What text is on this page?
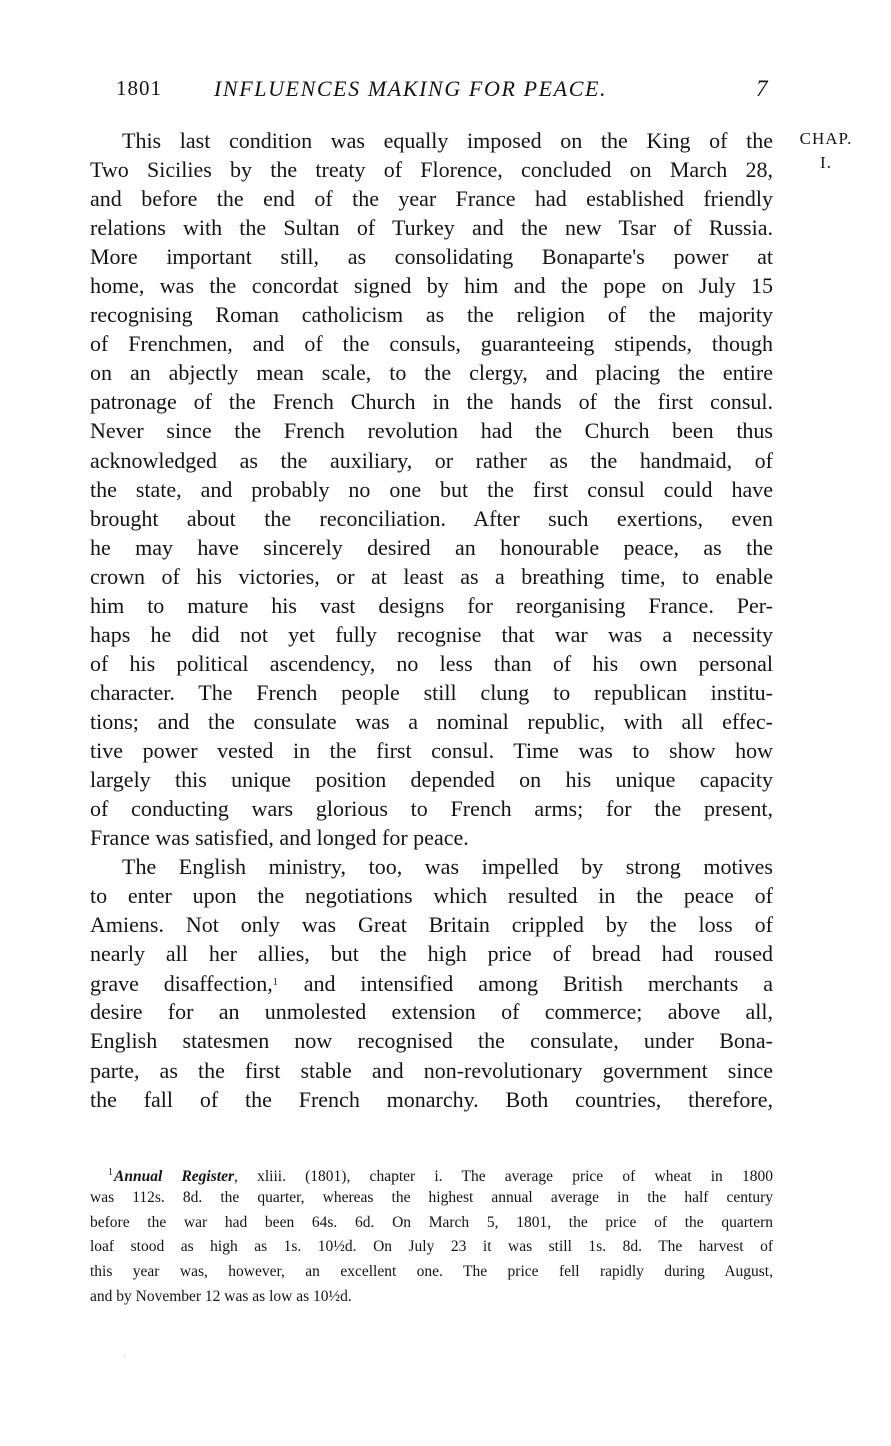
1801 INFLUENCES MAKING FOR PEACE.	7
CHAP.
I.
This last condition was equally imposed on the King of the
Two Sicilies by the treaty of Florence, concluded on March 28,
and before the end of the year France had established friendly
relations with the Sultan of Turkey and the new Tsar of Russia.
More important still, as consolidating Bonaparte's power at
home, was the concordat signed by him and the pope on July 15
recognising Roman catholicism as the religion of the majority
of Frenchmen, and of the consuls, guaranteeing stipends, though
on an abjectly mean scale, to the clergy, and placing the entire
patronage of the French Church in the hands of the first consul.
Never since the French revolution had the Church been thus
acknowledged as the auxiliary, or rather as the handmaid, of
the state, and probably no one but the first consul could have
brought about the reconciliation. After such exertions, even
he may have sincerely desired an honourable peace, as the
crown of his victories, or at least as a breathing time, to enable
him to mature his vast designs for reorganising France. Per-
haps he did not yet fully recognise that war was a necessity
of his political ascendency, no less than of his own personal
character. The French people still clung to republican institu-
tions; and the consulate was a nominal republic, with all effec-
tive power vested in the first consul. Time was to show how
largely this unique position depended on his unique capacity
of conducting wars glorious to French arms; for the present,
France was satisfied, and longed for peace.
The English ministry, too, was impelled by strong motives
to enter upon the negotiations which resulted in the peace of
Amiens. Not only was Great Britain crippled by the loss of
nearly all her allies, but the high price of bread had roused
grave disaffection,$^1$ and intensified among British merchants a
desire for an unmolested extension of commerce; above all,
English statesmen now recognised the consulate, under Bona-
parte, as the first stable and non-revolutionary government since
the fall of the French monarchy. Both countries, therefore,
$^1$Annual Register, xliii. (1801), chapter i. The average price of wheat in 1800
was 112s. 8d. the quarter, whereas the highest annual average in the half century
before the war had been 64s. 6d. On March 5, 1801, the price of the quartern
loaf stood as high as 1s. 10½d. On July 23 it was still 1s. 8d. The harvest of
this year was, however, an excellent one. The price fell rapidly during August,
and by November 12 was as low as 10½d.
